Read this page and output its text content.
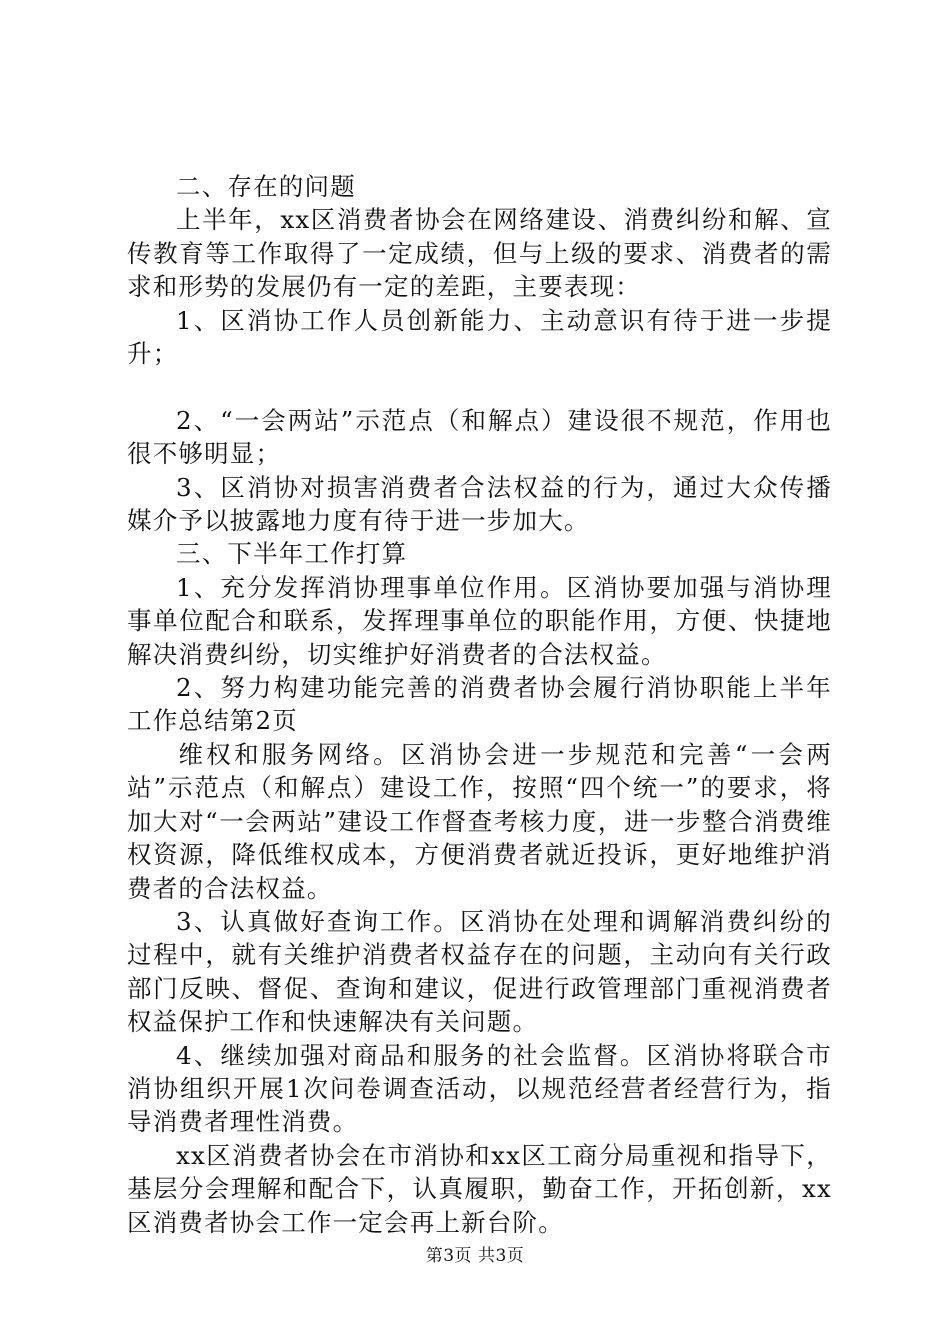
二、存在的问题

上半年，xx区消费者协会在网络建设、消费纠纷和解、宣传教育等工作取得了一定成绩，但与上级的要求、消费者的需求和形势的发展仍有一定的差距，主要表现：

1、区消协工作人员创新能力、主动意识有待于进一步提升；

2、“一会两站”示范点（和解点）建设很不规范，作用也很不够明显；

3、区消协对损害消费者合法权益的行为，通过大众传播媒介予以披露地力度有待于进一步加大。

三、下半年工作打算

1、充分发挥消协理事单位作用。区消协要加强与消协理事单位配合和联系，发挥理事单位的职能作用，方便、快捷地解决消费纠纷，切实维护好消费者的合法权益。

2、努力构建功能完善的消费者协会履行消协职能上半年工作总结第2页

维权和服务网络。区消协会进一步规范和完善“一会两站”示范点（和解点）建设工作，按照“四个统一”的要求，将加大对“一会两站”建设工作督查考核力度，进一步整合消费维权资源，降低维权成本，方便消费者就近投诉，更好地维护消费者的合法权益。

3、认真做好查询工作。区消协在处理和调解消费纠纷的过程中，就有关维护消费者权益存在的问题，主动向有关行政部门反映、督促、查询和建议，促进行政管理部门重视消费者权益保护工作和快速解决有关问题。

4、继续加强对商品和服务的社会监督。区消协将联合市消协组织开展1次问卷调查活动，以规范经营者经营行为，指导消费者理性消费。

xx区消费者协会在市消协和xx区工商分局重视和指导下，基层分会理解和配合下，认真履职，勤奋工作，开拓创新，xx区消费者协会工作一定会再上新台阶。

第3页 共3页
